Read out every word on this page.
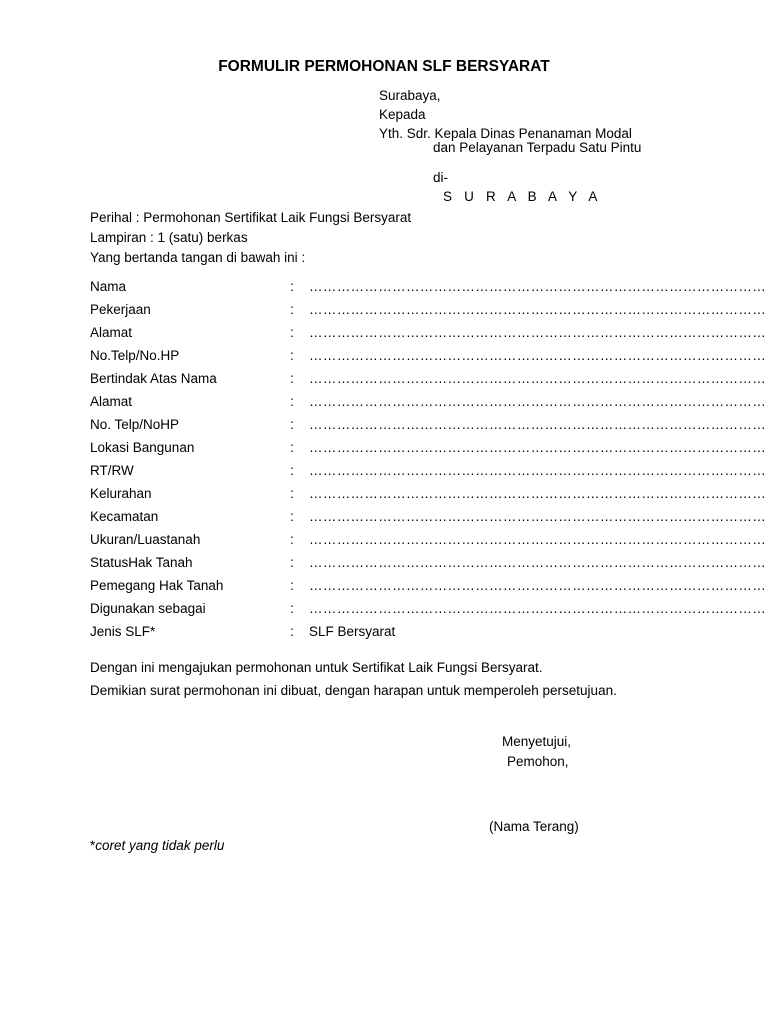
FORMULIR PERMOHONAN SLF BERSYARAT
Surabaya,
Kepada
Yth. Sdr. Kepala Dinas Penanaman Modal
dan Pelayanan Terpadu Satu Pintu
di-
S U R A B A Y A
Perihal : Permohonan Sertifikat Laik Fungsi Bersyarat
Lampiran : 1 (satu) berkas
Yang bertanda tangan di bawah ini :
Nama	: ………………………………………………………………………………………
Pekerjaan	: ………………………………………………………………………………………
Alamat	: ………………………………………………………………………………………
No.Telp/No.HP	: ………………………………………………………………………………………
Bertindak Atas Nama	: ………………………………………………………………………………………
Alamat	: ………………………………………………………………………………………
No. Telp/NoHP	: ………………………………………………………………………………………
Lokasi Bangunan	: ………………………………………………………………………………………
RT/RW	: ………………………………………………………………………………………
Kelurahan	: ………………………………………………………………………………………
Kecamatan	: ………………………………………………………………………………………
Ukuran/Luastanah	: ………………………………………………………………………………………
StatusHak Tanah	: ………………………………………………………………………………………
Pemegang Hak Tanah	: ………………………………………………………………………………………
Digunakan sebagai	: ………………………………………………………………………………………
Jenis SLF*	: SLF Bersyarat
Dengan ini mengajukan permohonan untuk Sertifikat Laik Fungsi Bersyarat.
Demikian surat permohonan ini dibuat, dengan harapan untuk memperoleh persetujuan.
Menyetujui,
Pemohon,
(Nama Terang)
*coret yang tidak perlu
